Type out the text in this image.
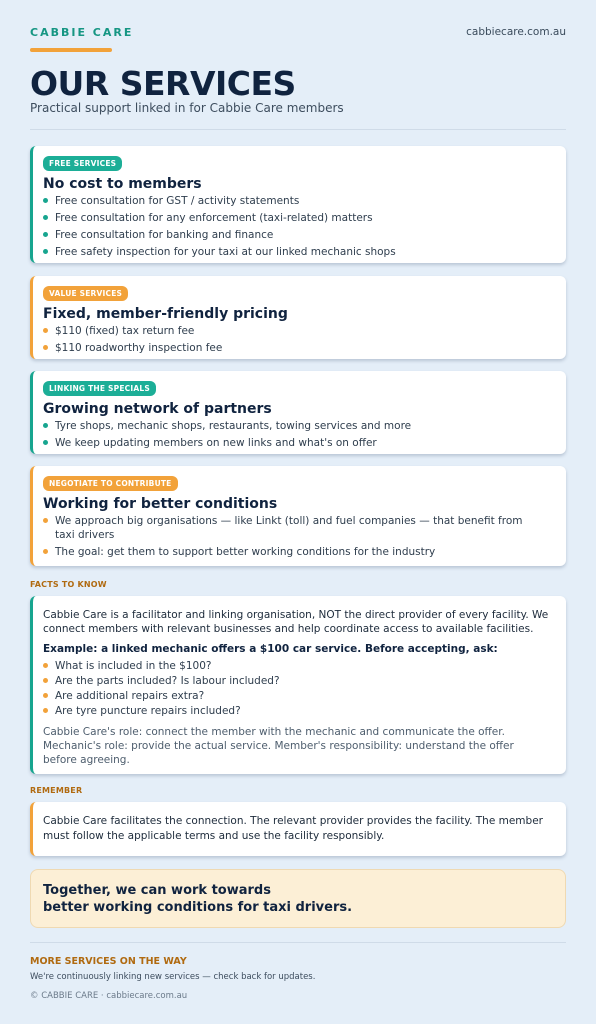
CABBIE CARE	cabbiecare.com.au
OUR SERVICES
Practical support linked in for Cabbie Care members
FREE SERVICES
No cost to members
Free consultation for GST / activity statements
Free consultation for any enforcement (taxi-related) matters
Free consultation for banking and finance
Free safety inspection for your taxi at our linked mechanic shops
VALUE SERVICES
Fixed, member-friendly pricing
$110 (fixed) tax return fee
$110 roadworthy inspection fee
LINKING THE SPECIALS
Growing network of partners
Tyre shops, mechanic shops, restaurants, towing services and more
We keep updating members on new links and what's on offer
NEGOTIATE TO CONTRIBUTE
Working for better conditions
We approach big organisations — like Linkt (toll) and fuel companies — that benefit from taxi drivers
The goal: get them to support better working conditions for the industry
FACTS TO KNOW
Cabbie Care is a facilitator and linking organisation, NOT the direct provider of every facility. We connect members with relevant businesses and help coordinate access to available facilities.
Example: a linked mechanic offers a $100 car service. Before accepting, ask:
What is included in the $100?
Are the parts included? Is labour included?
Are additional repairs extra?
Are tyre puncture repairs included?
Cabbie Care's role: connect the member with the mechanic and communicate the offer. Mechanic's role: provide the actual service. Member's responsibility: understand the offer before agreeing.
REMEMBER
Cabbie Care facilitates the connection. The relevant provider provides the facility. The member must follow the applicable terms and use the facility responsibly.
Together, we can work towards
better working conditions for taxi drivers.
MORE SERVICES ON THE WAY
We're continuously linking new services — check back for updates.
© CABBIE CARE · cabbiecare.com.au
